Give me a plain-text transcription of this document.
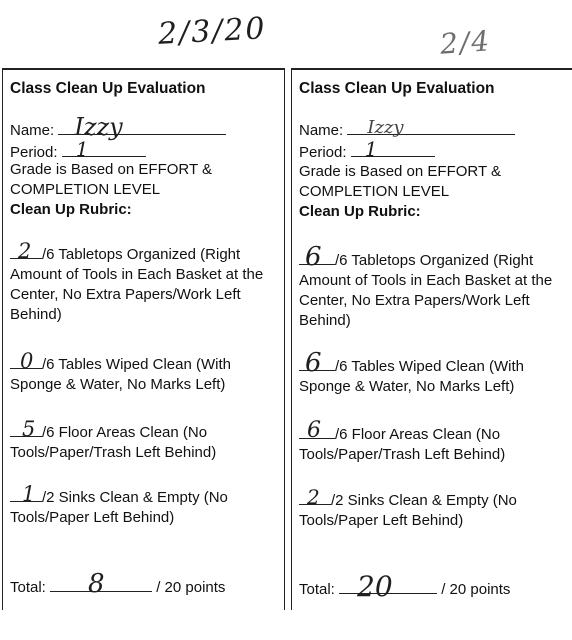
2/3/20	2/4
Class Clean Up Evaluation
Name: Izzy
Period: 1
Grade is Based on EFFORT & COMPLETION LEVEL
Clean Up Rubric:
2 /6 Tabletops Organized (Right Amount of Tools in Each Basket at the Center, No Extra Papers/Work Left Behind)
0 /6 Tables Wiped Clean (With Sponge & Water, No Marks Left)
5 /6 Floor Areas Clean (No Tools/Paper/Trash Left Behind)
1 /2 Sinks Clean & Empty (No Tools/Paper Left Behind)
Total: 8	/ 20 points
Class Clean Up Evaluation
Name: Izzy
Period: 1
Grade is Based on EFFORT & COMPLETION LEVEL
Clean Up Rubric:
6 /6 Tabletops Organized (Right Amount of Tools in Each Basket at the Center, No Extra Papers/Work Left Behind)
6 /6 Tables Wiped Clean (With Sponge & Water, No Marks Left)
6 /6 Floor Areas Clean (No Tools/Paper/Trash Left Behind)
2 /2 Sinks Clean & Empty (No Tools/Paper Left Behind)
Total: 20	/ 20 points
